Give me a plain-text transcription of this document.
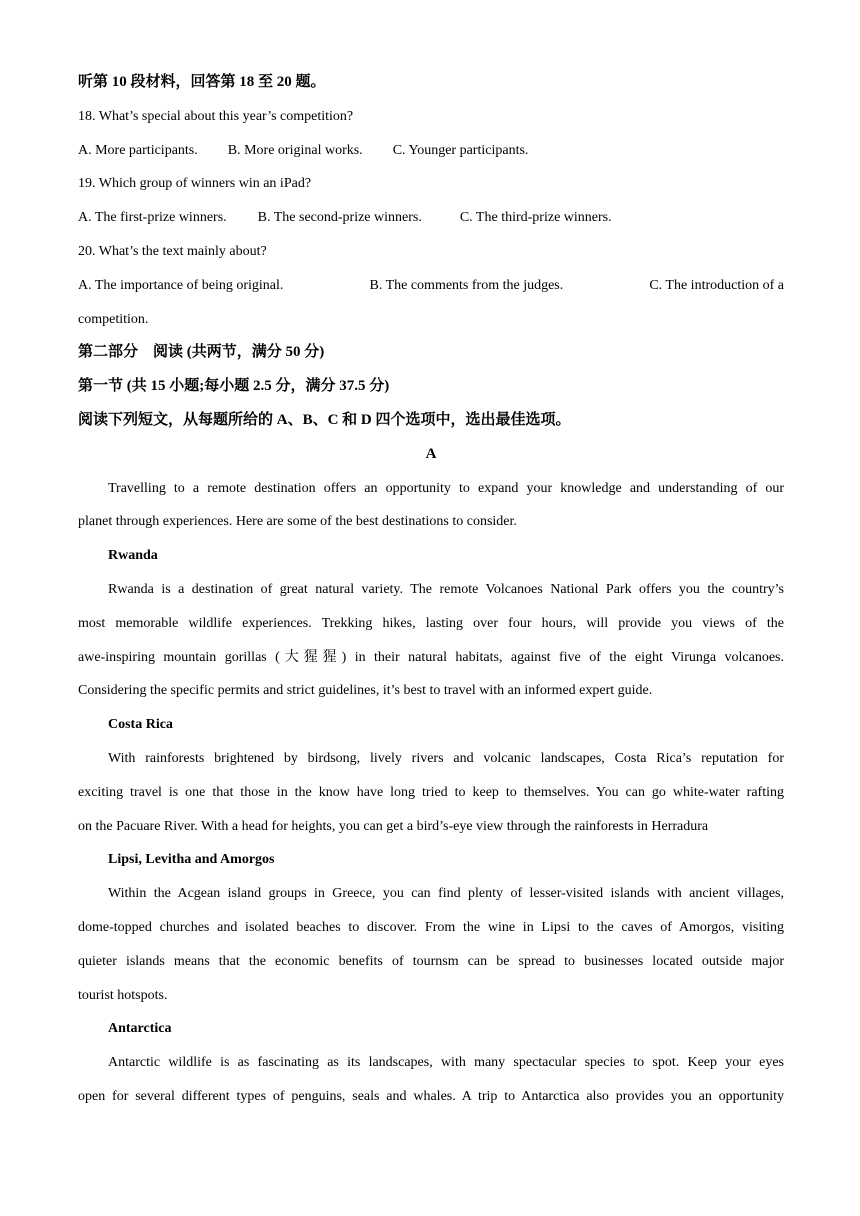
听第 10 段材料，回答第 18 至 20 题。

18. What’s special about this year’s competition?

A. More participants. B. More original works. C. Younger participants.

19. Which group of winners win an iPad?

A. The first-prize winners. B. The second-prize winners.	C. The third-prize winners.

20. What’s the text mainly about?

A. The importance of being original.	B. The comments from the judges.	C. The introduction of a

competition.

第二部分　阅读 (共两节，满分 50 分)

第一节 (共 15 小题;每小题 2.5 分，满分 37.5 分)

阅读下列短文，从每题所给的 A、B、C 和 D 四个选项中，选出最佳选项。

A

Travelling to a remote destination offers an opportunity to expand your knowledge and understanding of our

planet through experiences. Here are some of the best destinations to consider.

Rwanda

Rwanda is a destination of great natural variety. The remote Volcanoes National Park offers you the country’s

most memorable wildlife experiences. Trekking hikes, lasting over four hours, will provide you views of the

awe-inspiring mountain gorillas (大猩猩) in their natural habitats, against five of the eight Virunga volcanoes.

Considering the specific permits and strict guidelines, it’s best to travel with an informed expert guide.

Costa Rica

With rainforests brightened by birdsong, lively rivers and volcanic landscapes, Costa Rica’s reputation for

exciting travel is one that those in the know have long tried to keep to themselves. You can go white-water rafting

on the Pacuare River. With a head for heights, you can get a bird’s-eye view through the rainforests in Herradura

Lipsi, Levitha and Amorgos

Within the Acgean island groups in Greece, you can find plenty of lesser-visited islands with ancient villages,

dome-topped churches and isolated beaches to discover. From the wine in Lipsi to the caves of Amorgos, visiting

quieter islands means that the economic benefits of tournsm can be spread to businesses located outside major

tourist hotspots.

Antarctica

Antarctic wildlife is as fascinating as its landscapes, with many spectacular species to spot. Keep your eyes

open for several different types of penguins, seals and whales. A trip to Antarctica also provides you an opportunity
